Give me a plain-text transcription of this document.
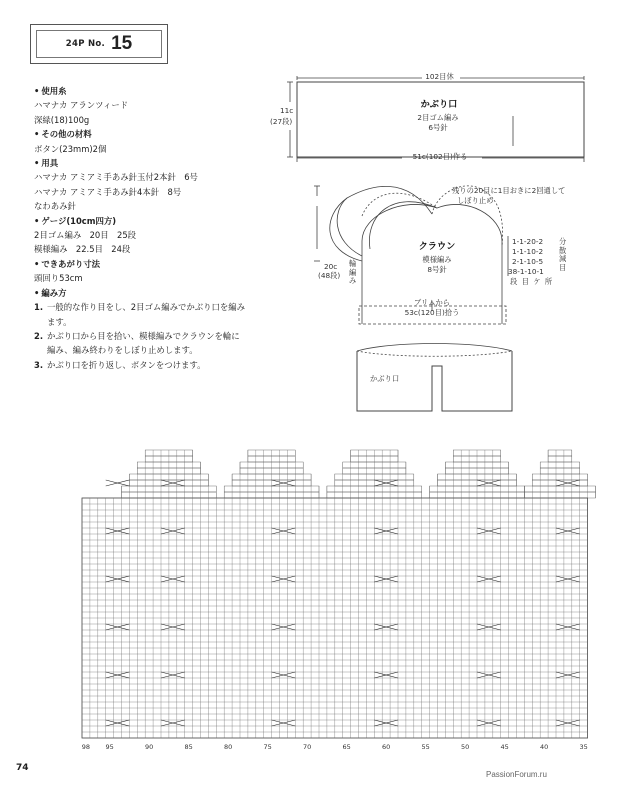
24P No. 15
• 使用糸
ハマナカ アランツィード
深緑(18)100g
• その他の材料
ボタン(23mm)2個
• 用具
ハマナカ アミアミ手あみ針玉付2本針　6号
ハマナカ アミアミ手あみ針4本針　8号
なわあみ針
• ゲージ(10cm四方)
2目ゴム編み　20目　25段
模様編み　22.5目　24段
• できあがり寸法
頭回り53cm
• 編み方
1. 一般的な作り目をし、2目ゴム編みでかぶり口を編みます。
2. かぶり口から目を拾い、模様編みでクラウンを輪に編み、編み終わりをしぼり止めします。
3. かぶり口を折り返し、ボタンをつけます。
102目休
11c
(27段)
かぶり口
2目ゴム編み
6号針
51c(102目)作る
残りの20目に1目おきに2回通して
しぼり止め
クラウン
模様編み
8号針
20c
(48段)
輪編み
1-1-20-2
1-1-10-2
2-1-10-5
38-1-10-1
段 目 ケ 所
分散減目
ブリムから
53c(120目)拾う
かぶり口
98 95	90	85	80	75	70	65	60	55	50	45	40	35
74
PassionForum.ru
